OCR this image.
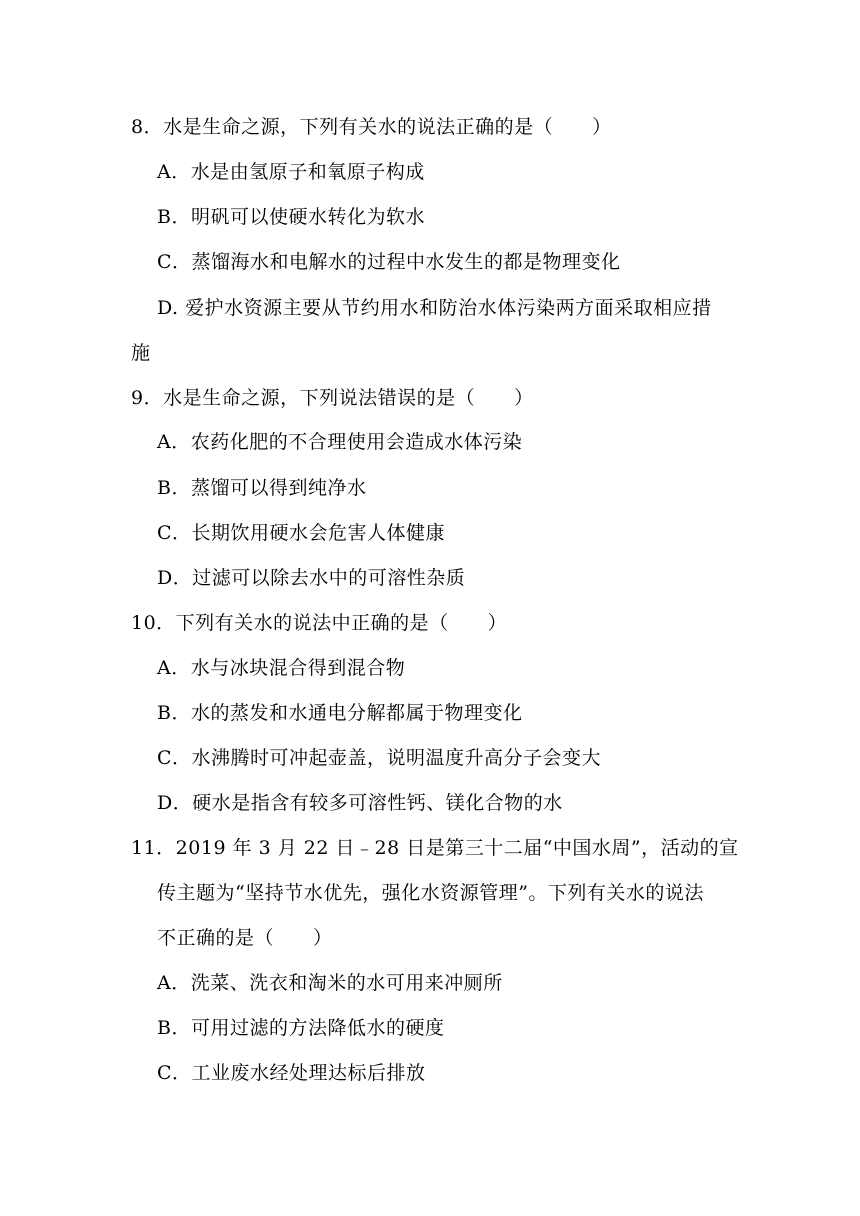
8．水是生命之源，下列有关水的说法正确的是（　　）
A．水是由氢原子和氧原子构成
B．明矾可以使硬水转化为软水
C．蒸馏海水和电解水的过程中水发生的都是物理变化
D. 爱护水资源主要从节约用水和防治水体污染两方面采取相应措
施
9．水是生命之源，下列说法错误的是（　　）
A．农药化肥的不合理使用会造成水体污染
B．蒸馏可以得到纯净水
C．长期饮用硬水会危害人体健康
D．过滤可以除去水中的可溶性杂质
10．下列有关水的说法中正确的是（　　）
A．水与冰块混合得到混合物
B．水的蒸发和水通电分解都属于物理变化
C．水沸腾时可冲起壶盖，说明温度升高分子会变大
D．硬水是指含有较多可溶性钙、镁化合物的水
11．2019 年 3 月 22 日﹣28 日是第三十二届“中国水周”，活动的宣
传主题为“坚持节水优先，强化水资源管理”。下列有关水的说法
不正确的是（　　）
A．洗菜、洗衣和淘米的水可用来冲厕所
B．可用过滤的方法降低水的硬度
C．工业废水经处理达标后排放
